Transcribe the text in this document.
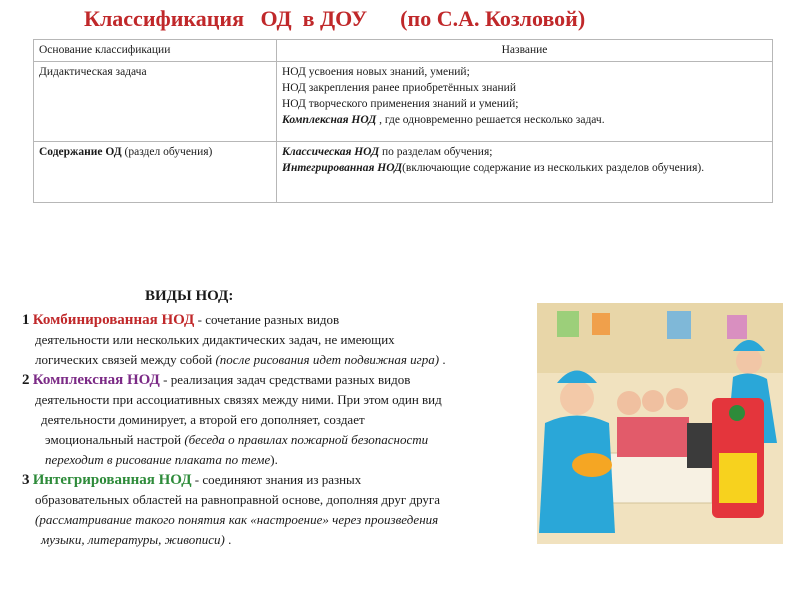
Классификация   ОД  в ДОУ      (по С.А. Козловой)
Основание классификации	Название
Дидактическая задача	НОД усвоения новых знаний, умений;
НОД закрепления ранее приобретённых знаний
НОД творческого применения знаний и умений;
Комплексная НОД , где одновременно решается несколько задач.

Содержание ОД (раздел обучения)	Классическая НОД по разделам обучения;
Интегрированная НОД(включающие содержание из нескольких разделов обучения).
ВИДЫ НОД:
1 Комбинированная НОД - сочетание разных видов
деятельности или нескольких дидактических задач, не имеющих
логических связей между собой (после рисования идет подвижная игра) .
2 Комплексная НОД - реализация задач средствами разных видов
деятельности при ассоциативных связях между ними. При этом один вид
деятельности доминирует, а второй его дополняет, создает
эмоциональный настрой (беседа о правилах пожарной безопасности
переходит в рисование плаката по теме).
3 Интегрированная НОД - соединяют знания из разных
образовательных областей на равноправной основе, дополняя друг друга
(рассматривание такого понятия как «настроение» через произведения
музыки, литературы, живописи) .
